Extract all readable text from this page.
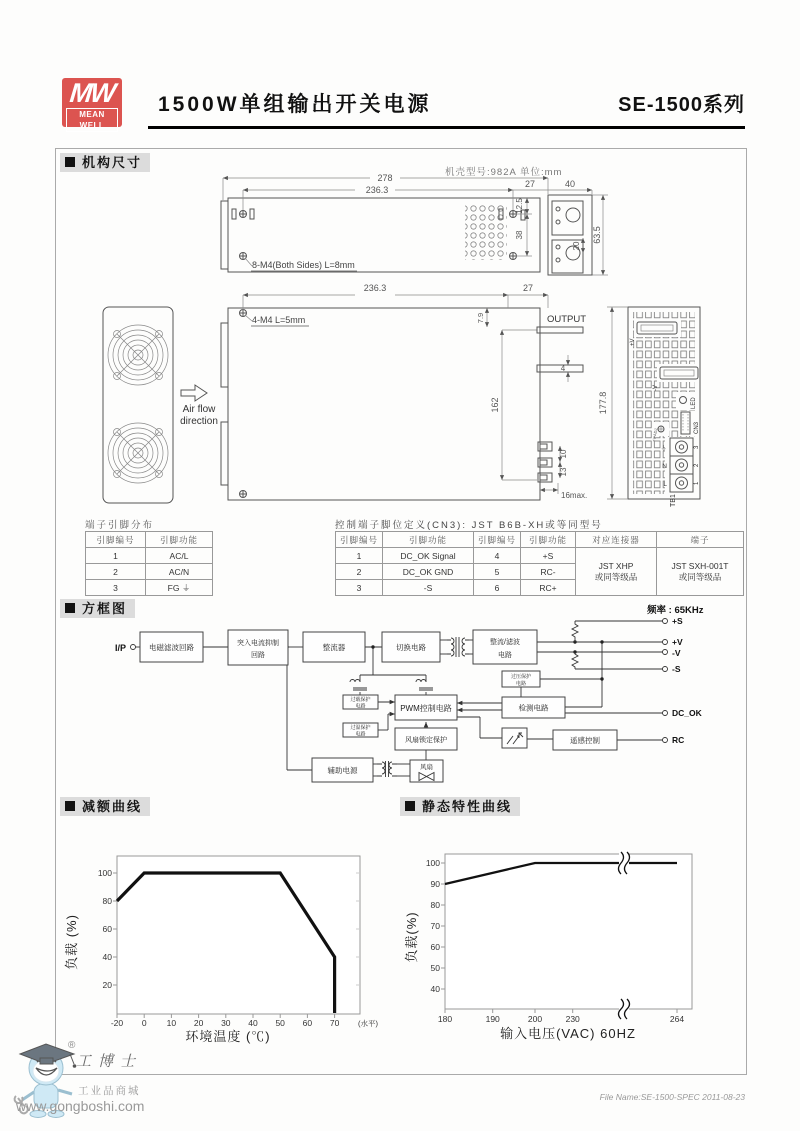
MW
MEAN WELL
1500W单组输出开关电源	SE-1500系列
机构尺寸
机壳型号:982A 单位:mm
278
236.3
27	40
12.5
38
20
63.5
8-M4(Both Sides) L=8mm
Air flow
direction
236.3	27
4-M4 L=5mm	7.9
162
4
10
13
16max.
OUTPUT
177.8
+V
-V
LED
CN3
+V ADJ.
⏚
N
L
3
2
1
TB1
端子引脚分布
引脚编号	引脚功能
1	AC/L
2	AC/N
3	FG ⏚
控制端子脚位定义(CN3): JST B6B-XH或等同型号
引脚编号	引脚功能	引脚编号	引脚功能	对应连接器	端子
1	DC_OK Signal	4	+S	
JST XHP
或同等级品

JST SXH-001T
或同等级品

2	DC_OK GND	5	RC-		
3	-S	6	RC+		
方框图	频率 : 65KHz
I/P	电磁滤波回路	突入电流抑制
回路
整流器	切换电路
整流/滤波
电路
过压保护
电路
过载保护
电路
过温保护
电路
PWM控制电路	检测电路
风扇锁定保护	遥感控制
辅助电源	风扇
+S
+V
-V
-S
DC_OK
RC
减额曲线
-20 0 10 20 30 40 50 60 70 (水平)
20
40
60
80
100
环境温度 (℃)
负载 (%)
静态特性曲线
180	190	200	230	264
40
50
60
70
80
90
100
输入电压(VAC) 60HZ
负载(%)
®
工博士
工业品商城
www.gongboshi.com
File Name:SE-1500-SPEC 2011-08-23
